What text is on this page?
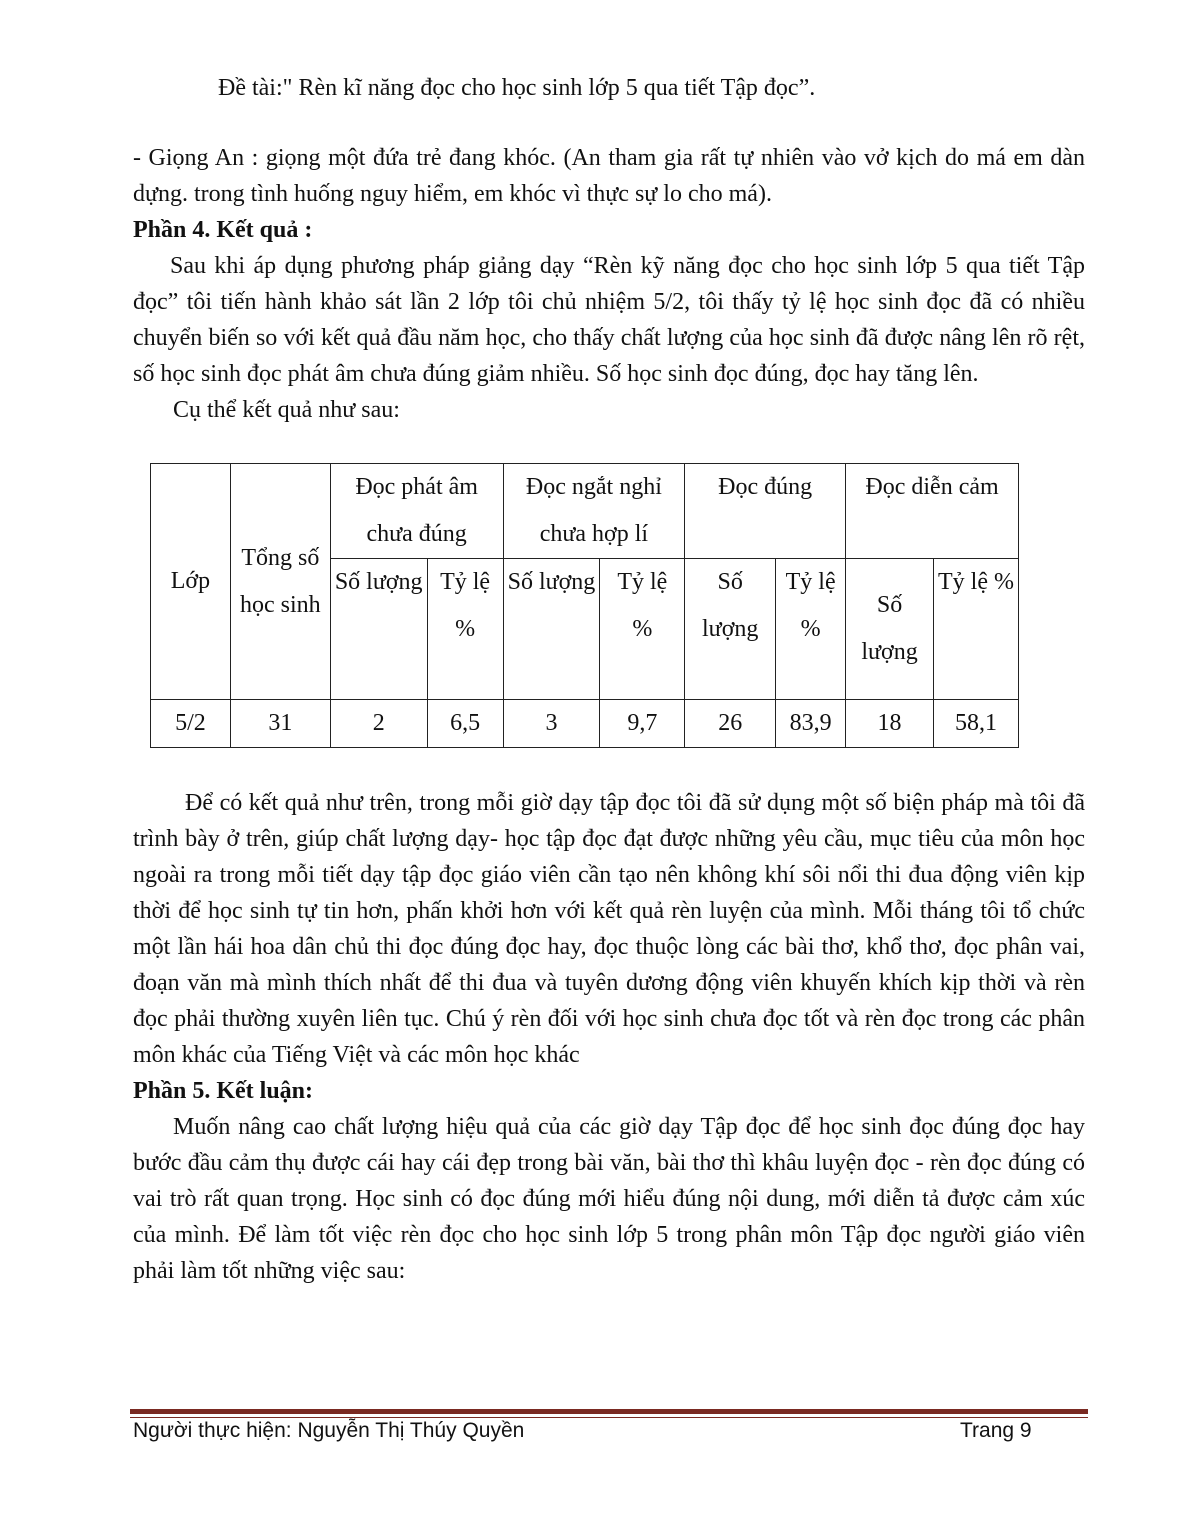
Đề tài:" Rèn kĩ năng đọc cho học sinh lớp 5 qua tiết Tập đọc”.

- Giọng An : giọng một đứa trẻ đang khóc. (An tham gia rất tự nhiên vào vở kịch do má em dàn dựng. trong tình huống nguy hiểm, em khóc vì thực sự lo cho má).

Phần 4. Kết quả :

Sau khi áp dụng phương pháp giảng dạy “Rèn kỹ năng đọc cho học sinh lớp 5 qua tiết Tập đọc” tôi tiến hành khảo sát lần 2 lớp tôi chủ nhiệm 5/2, tôi thấy tỷ lệ học sinh đọc đã có nhiều chuyển biến so với kết quả đầu năm học, cho thấy chất lượng của học sinh đã được nâng lên rõ rệt, số học sinh đọc phát âm chưa đúng giảm nhiều. Số học sinh đọc đúng, đọc hay tăng lên.

Cụ thể kết quả như sau:

Lớp	Tổng số học sinh	Đọc phát âm chưa đúng		Đọc ngắt nghỉ chưa hợp lí		Đọc đúng		Đọc diễn cảm	
		Số lượng	Tỷ lệ %	Số lượng	Tỷ lệ %	Số lượng	Tỷ lệ %	Số lượng	Tỷ lệ %
5/2	31	2	6,5	3	9,7	26	83,9	18	58,1

Để có kết quả như trên, trong mỗi giờ dạy tập đọc tôi đã sử dụng một số biện pháp mà tôi đã trình bày ở trên, giúp chất lượng dạy- học tập đọc đạt được những yêu cầu, mục tiêu của môn học ngoài ra trong mỗi tiết dạy tập đọc giáo viên cần tạo nên không khí sôi nổi thi đua động viên kịp thời để học sinh tự tin hơn, phấn khởi hơn với kết quả rèn luyện của mình. Mỗi tháng tôi tổ chức một lần hái hoa dân chủ thi đọc đúng đọc hay, đọc thuộc lòng các bài thơ, khổ thơ, đọc phân vai, đoạn văn mà mình thích nhất để thi đua và tuyên dương động viên khuyến khích kịp thời và rèn đọc phải thường xuyên liên tục. Chú ý rèn đối với học sinh chưa đọc tốt và rèn đọc trong các phân môn khác của Tiếng Việt và các môn học khác

Phần 5. Kết luận:

Muốn nâng cao chất lượng hiệu quả của các giờ dạy Tập đọc để học sinh đọc đúng đọc hay bước đầu cảm thụ được cái hay cái đẹp trong bài văn, bài thơ thì khâu luyện đọc - rèn đọc đúng có vai trò rất quan trọng. Học sinh có đọc đúng mới hiểu đúng nội dung, mới diễn tả được cảm xúc của mình. Để làm tốt việc rèn đọc cho học sinh lớp 5 trong phân môn Tập đọc người giáo viên phải làm tốt những việc sau:

Người thực hiện: Nguyễn Thị Thúy Quyền	Trang 9
